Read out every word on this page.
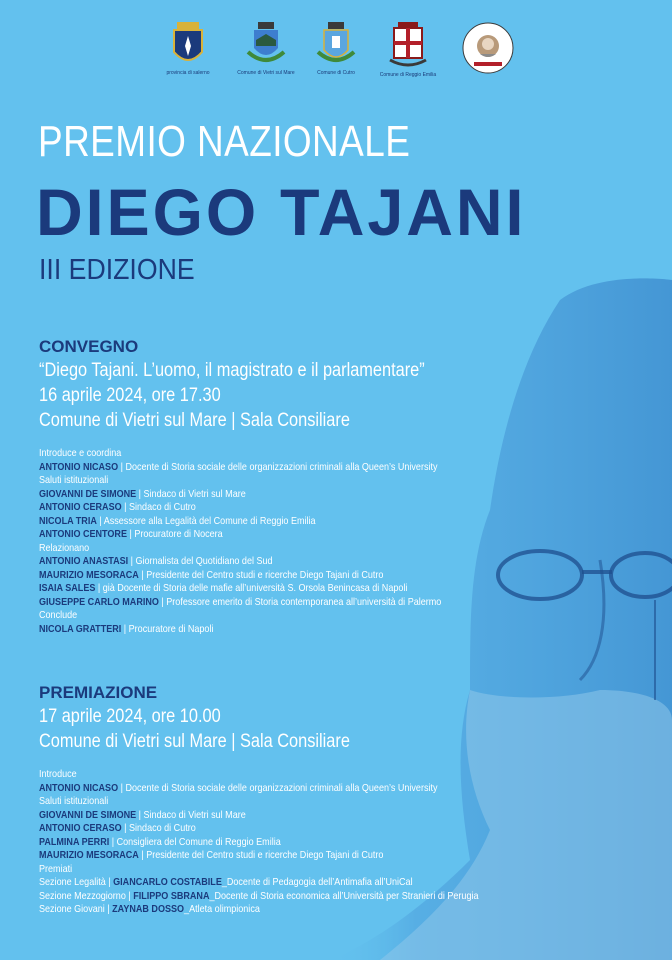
provincia di salerno	Comune di Vietri sul Mare	Comune di Cutro	Comune di Reggio Emilia
PREMIO NAZIONALE
DIEGO TAJANI
III EDIZIONE
CONVEGNO
“Diego Tajani. L’uomo, il magistrato e il parlamentare”
16 aprile 2024, ore 17.30
Comune di Vietri sul Mare | Sala Consiliare
Introduce e coordina
ANTONIO NICASO | Docente di Storia sociale delle organizzazioni criminali alla Queen’s University
Saluti istituzionali
GIOVANNI DE SIMONE | Sindaco di Vietri sul Mare
ANTONIO CERASO | Sindaco di Cutro
NICOLA TRIA | Assessore alla Legalità del Comune di Reggio Emilia
ANTONIO CENTORE | Procuratore di Nocera
Relazionano
ANTONIO ANASTASI | Giornalista del Quotidiano del Sud
MAURIZIO MESORACA | Presidente del Centro studi e ricerche Diego Tajani di Cutro
ISAIA SALES | già Docente di Storia delle mafie all’università S. Orsola Benincasa di Napoli
GIUSEPPE CARLO MARINO | Professore emerito di Storia contemporanea all’università di Palermo
Conclude
NICOLA GRATTERI | Procuratore di Napoli
PREMIAZIONE
17 aprile 2024, ore 10.00
Comune di Vietri sul Mare | Sala Consiliare
Introduce
ANTONIO NICASO | Docente di Storia sociale delle organizzazioni criminali alla Queen’s University
Saluti istituzionali
GIOVANNI DE SIMONE | Sindaco di Vietri sul Mare
ANTONIO CERASO | Sindaco di Cutro
PALMINA PERRI | Consigliera del Comune di Reggio Emilia
MAURIZIO MESORACA | Presidente del Centro studi e ricerche Diego Tajani di Cutro
Premiati
Sezione Legalità | GIANCARLO COSTABILE_Docente di Pedagogia dell’Antimafia all’UniCal
Sezione Mezzogiorno | FILIPPO SBRANA_Docente di Storia economica all’Università per Stranieri di Perugia
Sezione Giovani | ZAYNAB DOSSO_Atleta olimpionica
